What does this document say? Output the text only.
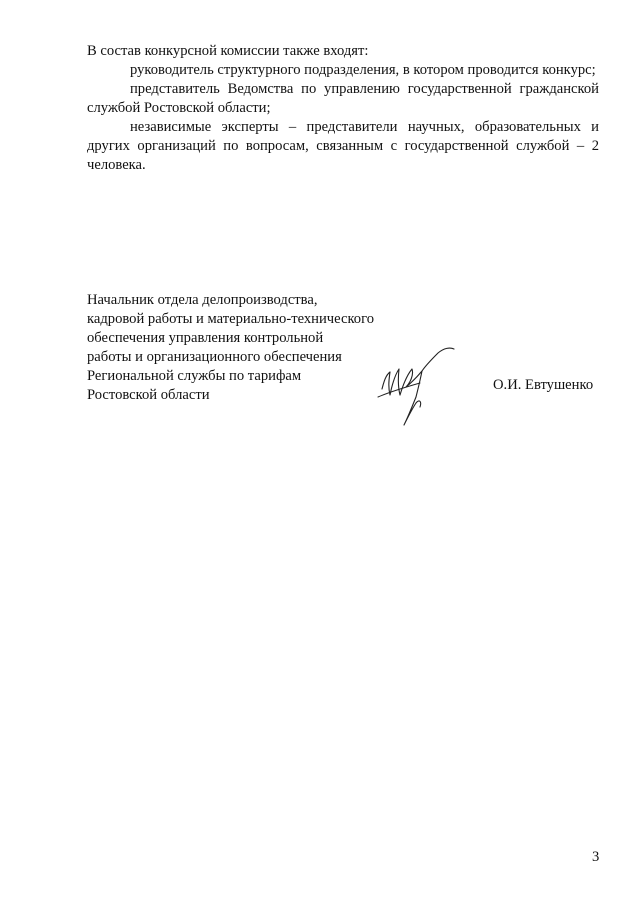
В состав конкурсной комиссии также входят:

руководитель структурного подразделения, в котором проводится конкурс;

представитель Ведомства по управлению государственной гражданской службой Ростовской области;

независимые эксперты – представители научных, образовательных и других организаций по вопросам, связанным с государственной службой – 2 человека.

Начальник отдела делопроизводства,
кадровой работы и материально-технического
обеспечения управления контрольной
работы и организационного обеспечения
Региональной службы по тарифам
Ростовской области
О.И. Евтушенко
3
